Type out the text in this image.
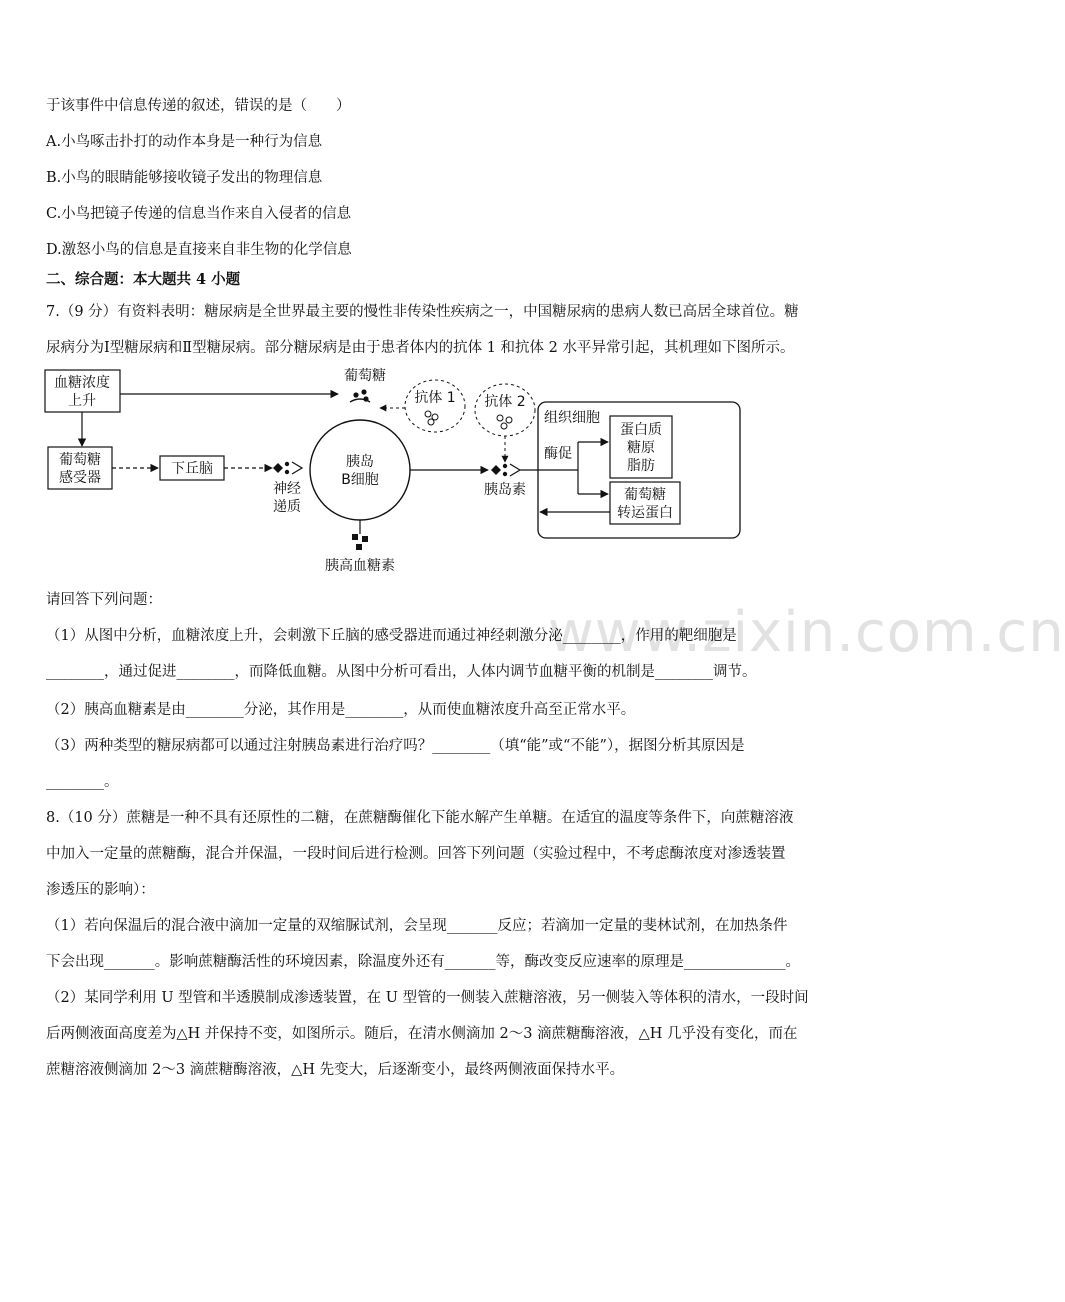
www.zixin.com.cn
于该事件中信息传递的叙述，错误的是（　　）
A.小鸟啄击扑打的动作本身是一种行为信息
B.小鸟的眼睛能够接收镜子发出的物理信息
C.小鸟把镜子传递的信息当作来自入侵者的信息
D.激怒小鸟的信息是直接来自非生物的化学信息
二、综合题：本大题共 4 小题
7.（9 分）有资料表明：糖尿病是全世界最主要的慢性非传染性疾病之一，中国糖尿病的患病人数已高居全球首位。糖
尿病分为Ⅰ型糖尿病和Ⅱ型糖尿病。部分糖尿病是由于患者体内的抗体 1 和抗体 2 水平异常引起，其机理如下图所示。
血糖浓度
上升
葡萄糖
感受器
下丘脑
神经
递质
胰岛
B细胞
葡萄糖
抗体 1 抗体 2
胰岛素
胰高血糖素
组织细胞
酶促
蛋白质
糖原
脂肪
葡萄糖
转运蛋白
请回答下列问题：
（1）从图中分析，血糖浓度上升，会刺激下丘脑的感受器进而通过神经刺激分泌________，作用的靶细胞是
________，通过促进________，而降低血糖。从图中分析可看出，人体内调节血糖平衡的机制是________调节。
（2）胰高血糖素是由________分泌，其作用是________，从而使血糖浓度升高至正常水平。
（3）两种类型的糖尿病都可以通过注射胰岛素进行治疗吗？________（填“能”或“不能”），据图分析其原因是
________。
8.（10 分）蔗糖是一种不具有还原性的二糖，在蔗糖酶催化下能水解产生单糖。在适宜的温度等条件下，向蔗糖溶液
中加入一定量的蔗糖酶，混合并保温，一段时间后进行检测。回答下列问题（实验过程中，不考虑酶浓度对渗透装置
渗透压的影响）：
（1）若向保温后的混合液中滴加一定量的双缩脲试剂，会呈现_______反应；若滴加一定量的斐林试剂，在加热条件
下会出现_______。影响蔗糖酶活性的环境因素，除温度外还有_______等，酶改变反应速率的原理是______________。
（2）某同学利用 U 型管和半透膜制成渗透装置，在 U 型管的一侧装入蔗糖溶液，另一侧装入等体积的清水，一段时间
后两侧液面高度差为△H 并保持不变，如图所示。随后，在清水侧滴加 2～3 滴蔗糖酶溶液，△H 几乎没有变化，而在
蔗糖溶液侧滴加 2～3 滴蔗糖酶溶液，△H 先变大，后逐渐变小，最终两侧液面保持水平。
